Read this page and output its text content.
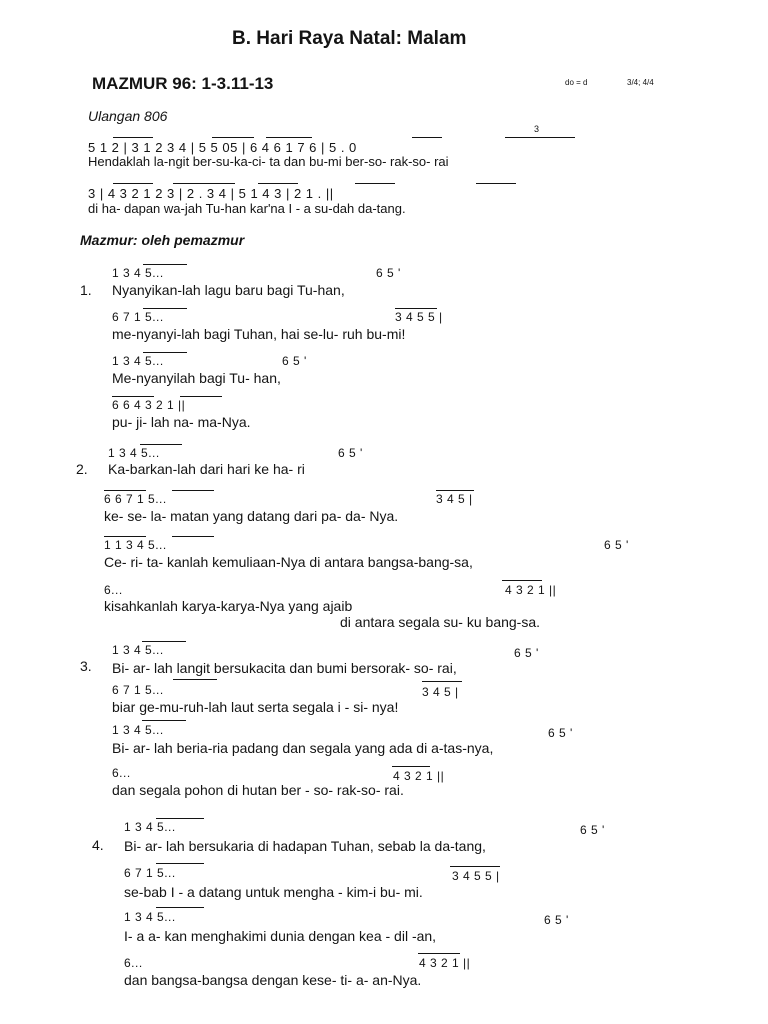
B. Hari Raya Natal: Malam
MAZMUR 96: 1-3.11-13	do = d	3/4; 4/4
Ulangan 806
3
5 1 2 | 3 1 2 3 4 | 5 5 05 | 6 4 6 1 7 6 | 5 . 0
Hendaklah la-ngit ber-su-ka-ci- ta dan bu-mi ber-so- rak-so- rai
3 | 4 3 2 1 2 3 | 2 . 3 4 | 5 1 4 3 | 2 1 . ||
di ha- dapan wa-jah Tu-han kar'na I - a su-dah da-tang.
Mazmur: oleh pemazmur
1.
1 3 4 5...	6 5 '
Nyanyikan-lah lagu baru bagi Tu-han,
6 7 1 5...	3 4 5 5 |
me-nyanyi-lah bagi Tuhan, hai se-lu- ruh bu-mi!
1 3 4 5...	6 5 '
Me-nyanyilah bagi Tu- han,
6 6 4 3 2 1 ||
pu- ji- lah na- ma-Nya.
2.
1 3 4 5...	6 5 '
Ka-barkan-lah dari hari ke ha- ri
6 6 7 1 5...	3 4 5 |
ke- se- la- matan yang datang dari pa- da- Nya.
1 1 3 4 5...	6 5 '
Ce- ri- ta- kanlah kemuliaan-Nya di antara bangsa-bang-sa,
6...	4 3 2 1 ||
kisahkanlah karya-karya-Nya yang ajaib
di antara segala su- ku bang-sa.
3.
1 3 4 5...	6 5 '
Bi- ar- lah langit bersukacita dan bumi bersorak- so- rai,
6 7 1 5...	3 4 5 |
biar ge-mu-ruh-lah laut serta segala i - si- nya!
1 3 4 5...	6 5 '
Bi- ar- lah beria-ria padang dan segala yang ada di a-tas-nya,
6...	4 3 2 1 ||
dan segala pohon di hutan ber - so- rak-so- rai.
4.
1 3 4 5...	6 5 '
Bi- ar- lah bersukaria di hadapan Tuhan, sebab la da-tang,
6 7 1 5...	3 4 5 5 |
se-bab I - a datang untuk mengha - kim-i bu- mi.
1 3 4 5...	6 5 '
I- a a- kan menghakimi dunia dengan kea - dil -an,
6...	4 3 2 1 ||
dan bangsa-bangsa dengan kese- ti- a- an-Nya.
